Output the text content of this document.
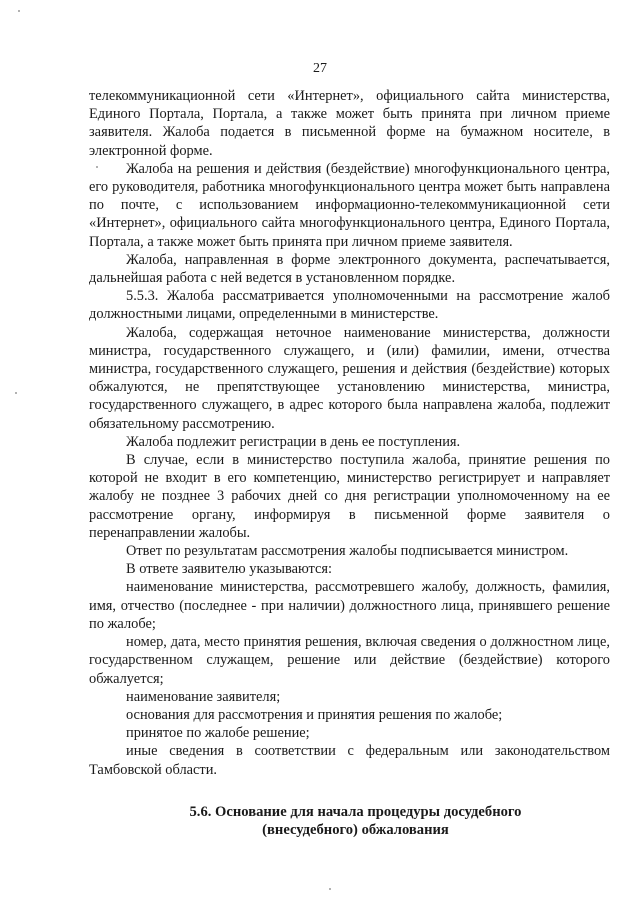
27

телекоммуникационной сети «Интернет», официального сайта министерства, Единого Портала, Портала, а также может быть принята при личном приеме заявителя. Жалоба подается в письменной форме на бумажном носителе, в электронной форме.

Жалоба на решения и действия (бездействие) многофункционального центра, его руководителя, работника многофункционального центра может быть направлена по почте, с использованием информационно-телекоммуникационной сети «Интернет», официального сайта многофункционального центра, Единого Портала, Портала, а также может быть принята при личном приеме заявителя.

Жалоба, направленная в форме электронного документа, распечатывается, дальнейшая работа с ней ведется в установленном порядке.

5.5.3. Жалоба рассматривается уполномоченными на рассмотрение жалоб должностными лицами, определенными в министерстве.

Жалоба, содержащая неточное наименование министерства, должности министра, государственного служащего, и (или) фамилии, имени, отчества министра, государственного служащего, решения и действия (бездействие) которых обжалуются, не препятствующее установлению министерства, министра, государственного служащего, в адрес которого была направлена жалоба, подлежит обязательному рассмотрению.

Жалоба подлежит регистрации в день ее поступления.

В случае, если в министерство поступила жалоба, принятие решения по которой не входит в его компетенцию, министерство регистрирует и направляет жалобу не позднее 3 рабочих дней со дня регистрации уполномоченному на ее рассмотрение органу, информируя в письменной форме заявителя о перенаправлении жалобы.

Ответ по результатам рассмотрения жалобы подписывается министром.

В ответе заявителю указываются:

наименование министерства, рассмотревшего жалобу, должность, фамилия, имя, отчество (последнее - при наличии) должностного лица, принявшего решение по жалобе;

номер, дата, место принятия решения, включая сведения о должностном лице, государственном служащем, решение или действие (бездействие) которого обжалуется;

наименование заявителя;

основания для рассмотрения и принятия решения по жалобе;

принятое по жалобе решение;

иные сведения в соответствии с федеральным или законодательством Тамбовской области.

5.6. Основание для начала процедуры досудебного
(внесудебного) обжалования
